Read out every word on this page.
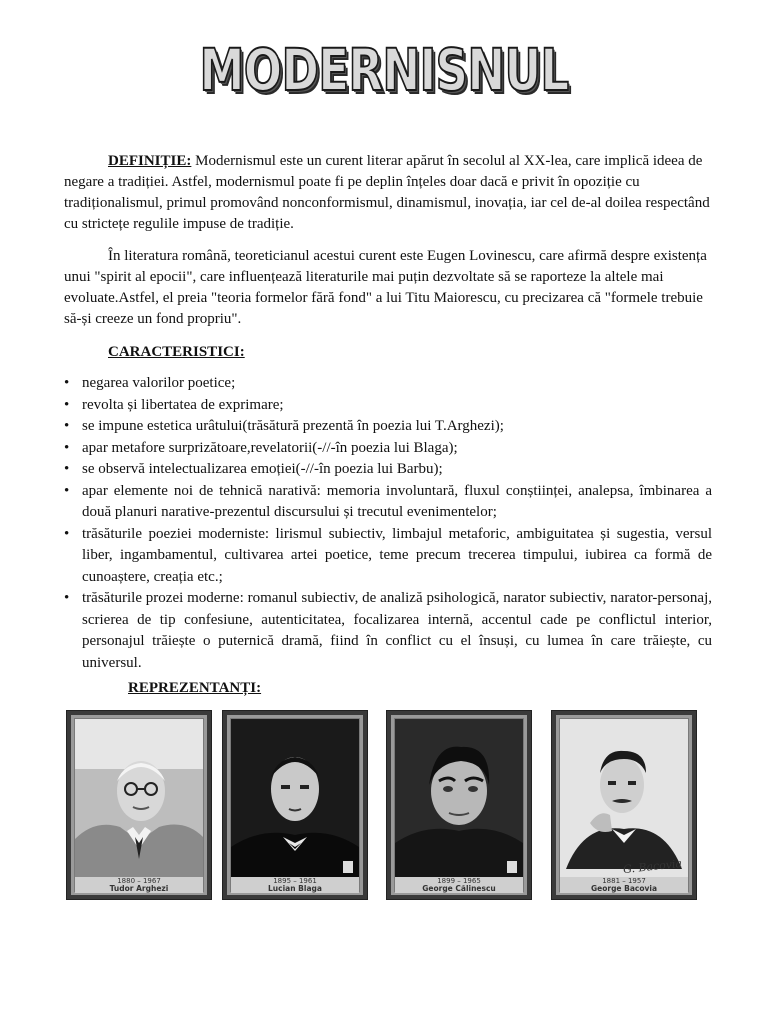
MODERNISNUL

DEFINIȚIE: Modernismul este un curent literar apărut în secolul al XX-lea, care implică ideea de negare a tradiției. Astfel, modernismul poate fi pe deplin înțeles doar dacă e privit în opoziție cu tradiționalismul, primul promovând nonconformismul, dinamismul, inovația, iar cel de-al doilea respectând cu strictețe regulile impuse de tradiție.

În literatura română, teoreticianul acestui curent este Eugen Lovinescu, care afirmă despre existența unui "spirit al epocii", care influențează literaturile mai puțin dezvoltate să se raporteze la altele mai evoluate.Astfel, el preia "teoria formelor fără fond" a lui Titu Maiorescu, cu precizarea că "formele trebuie să-și creeze un fond propriu".

CARACTERISTICI:
• negarea valorilor poetice;
• revolta și libertatea de exprimare;
• se impune estetica urâtului(trăsătură prezentă în poezia lui T.Arghezi);
• apar metafore surprizătoare,revelatorii(-//-în poezia lui Blaga);
• se observă intelectualizarea emoției(-//-în poezia lui Barbu);
• apar elemente noi de tehnică narativă: memoria involuntară, fluxul conștiinței, analepsa, îmbinarea a două planuri narative-prezentul discursului și trecutul evenimentelor;
• trăsăturile poeziei moderniste: lirismul subiectiv, limbajul metaforic, ambiguitatea și sugestia, versul liber, ingambamentul, cultivarea artei poetice, teme precum trecerea timpului, iubirea ca formă de cunoaștere, creația etc.;
• trăsăturile prozei moderne: romanul subiectiv, de analiză psihologică, narator subiectiv, narator-personaj, scrierea de tip confesiune, autenticitatea, focalizarea internă, accentul cade pe conflictul interior, personajul trăiește o puternică dramă, fiind în conflict cu el însuși, cu lumea în care trăiește, cu universul.
REPREZENTANȚI:
1880 – 1967
Tudor Arghezi
1895 – 1961
Lucian Blaga
1899 – 1965
George Călinescu
G. Bacovia
1881 – 1957
George Bacovia
